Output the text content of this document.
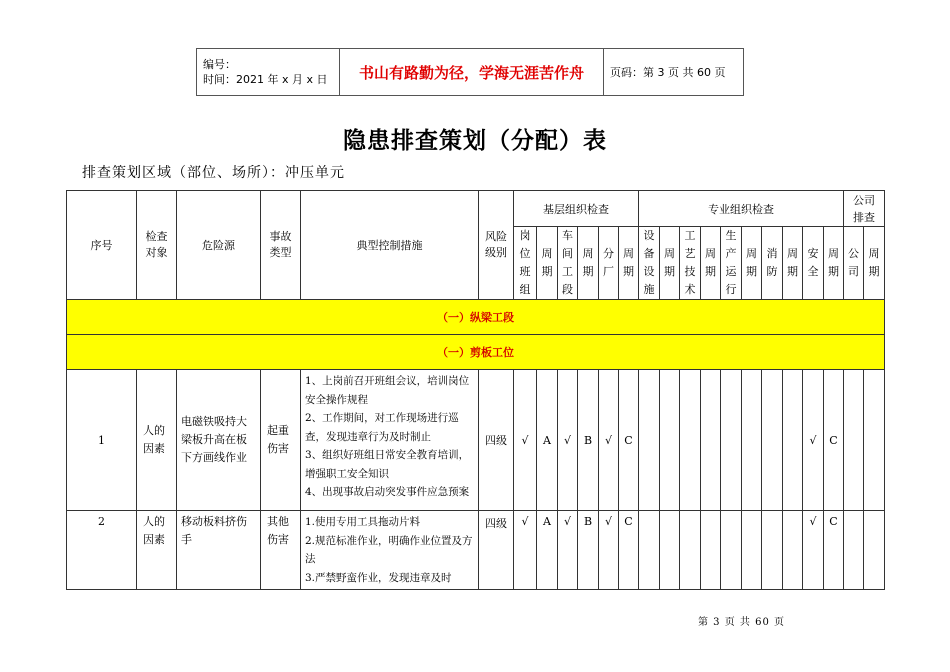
编号：
时间：2021 年 x 月 x 日	书山有路勤为径，学海无涯苦作舟	页码：第 3 页 共 60 页
隐患排查策划（分配）表
排查策划区域（部位、场所）：冲压单元
序号	检查对象	危险源	事故类型	典型控制措施	风险级别	基层组织检查						专业组织检查										公司排查	
						岗位班组	周期	车间工段	周期	分厂	周期	设备设施	周期	工艺技术	周期	生产运行	周期	消防	周期	安全	周期	公司	周期
（一）纵梁工段																							
（一）剪板工位																							
1	人的因素	电磁铁吸持大梁板升高在板下方画线作业	起重伤害	1、上岗前召开班组会议，培训岗位安全操作规程
2、工作期间，对工作现场进行巡查，发现违章行为及时制止
3、组织好班组日常安全教育培训，增强职工安全知识
4、出现事故启动突发事件应急预案	四级	√	A	√	B	√	C									√	C		
2	人的因素	移动板料挤伤手	其他伤害	1.使用专用工具拖动片料
2.规范标准作业，明确作业位置及方法
3.严禁野蛮作业，发现违章及时	四级	√	A	√	B	√	C									√	C		
第 3 页 共 60 页
